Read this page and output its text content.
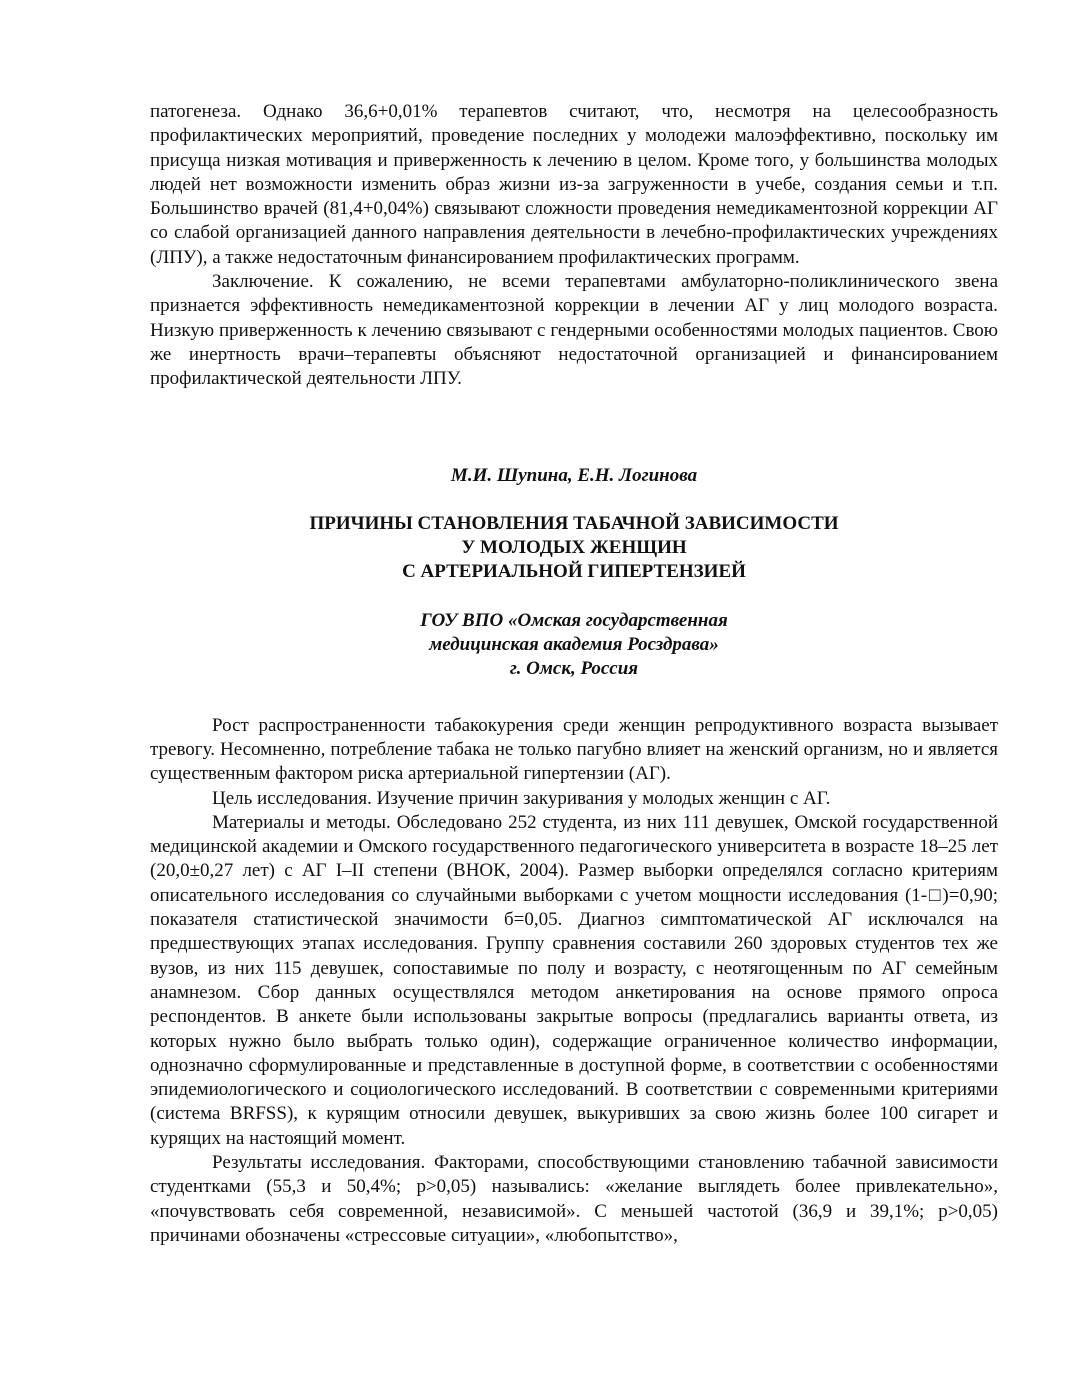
патогенеза. Однако 36,6+0,01% терапевтов считают, что, несмотря на целесообразность профилактических мероприятий, проведение последних у молодежи малоэффективно, поскольку им присуща низкая мотивация и приверженность к лечению в целом. Кроме того, у большинства молодых людей нет возможности изменить образ жизни из-за загруженности в учебе, создания семьи и т.п. Большинство врачей (81,4+0,04%) связывают сложности проведения немедикаментозной коррекции АГ со слабой организацией данного направления деятельности в лечебно-профилактических учреждениях (ЛПУ), а также недостаточным финансированием профилактических программ.

Заключение. К сожалению, не всеми терапевтами амбулаторно-поликлинического звена признается эффективность немедикаментозной коррекции в лечении АГ у лиц молодого возраста. Низкую приверженность к лечению связывают с гендерными особенностями молодых пациентов. Свою же инертность врачи–терапевты объясняют недостаточной организацией и финансированием профилактической деятельности ЛПУ.

М.И. Шупина, Е.Н. Логинова

ПРИЧИНЫ СТАНОВЛЕНИЯ ТАБАЧНОЙ ЗАВИСИМОСТИ
У МОЛОДЫХ ЖЕНЩИН
С АРТЕРИАЛЬНОЙ ГИПЕРТЕНЗИЕЙ

ГОУ ВПО «Омская государственная
медицинская академия Росздрава»
г. Омск, Россия

Рост распространенности табакокурения среди женщин репродуктивного возраста вызывает тревогу. Несомненно, потребление табака не только пагубно влияет на женский организм, но и является существенным фактором риска артериальной гипертензии (АГ).

Цель исследования. Изучение причин закуривания у молодых женщин с АГ.

Материалы и методы. Обследовано 252 студента, из них 111 девушек, Омской государственной медицинской академии и Омского государственного педагогического университета в возрасте 18–25 лет (20,0±0,27 лет) с АГ I–II степени (ВНОК, 2004). Размер выборки определялся согласно критериям описательного исследования со случайными выборками с учетом мощности исследования (1-□)=0,90; показателя статистической значимости б=0,05. Диагноз симптоматической АГ исключался на предшествующих этапах исследования. Группу сравнения составили 260 здоровых студентов тех же вузов, из них 115 девушек, сопоставимые по полу и возрасту, с неотягощенным по АГ семейным анамнезом. Сбор данных осуществлялся методом анкетирования на основе прямого опроса респондентов. В анкете были использованы закрытые вопросы (предлагались варианты ответа, из которых нужно было выбрать только один), содержащие ограниченное количество информации, однозначно сформулированные и представленные в доступной форме, в соответствии с особенностями эпидемиологического и социологического исследований. В соответствии с современными критериями (система BRFSS), к курящим относили девушек, выкуривших за свою жизнь более 100 сигарет и курящих на настоящий момент.

Результаты исследования. Факторами, способствующими становлению табачной зависимости студентками (55,3 и 50,4%; р>0,05) назывались: «желание выглядеть более привлекательно», «почувствовать себя современной, независимой». С меньшей частотой (36,9 и 39,1%; р>0,05) причинами обозначены «стрессовые ситуации», «любопытство»,
